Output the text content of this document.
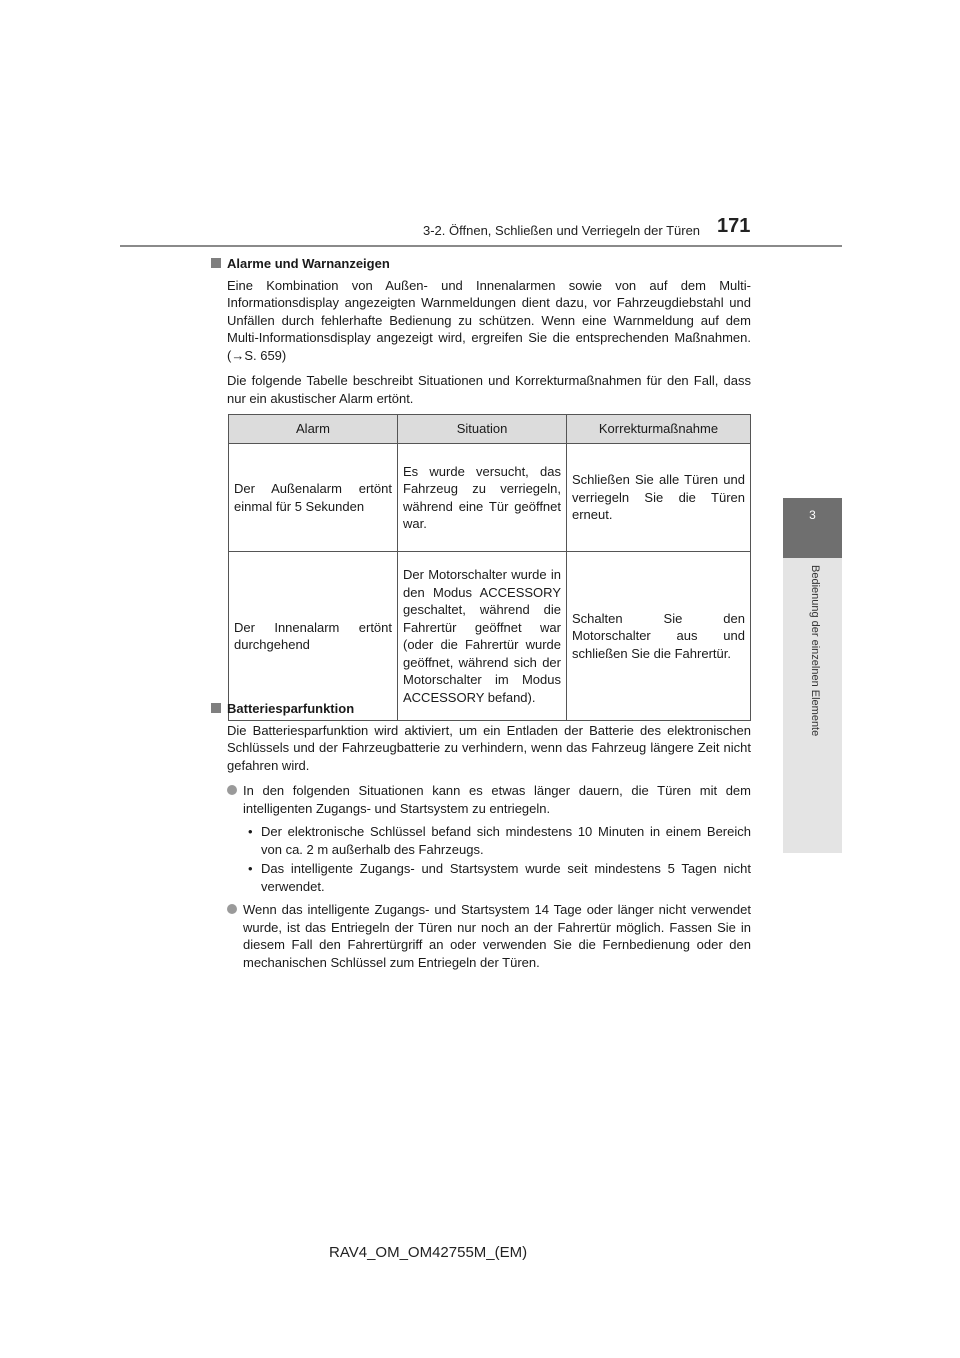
3-2. Öffnen, Schließen und Verriegeln der Türen 171
3
Bedienung der einzelnen Elemente
Alarme und Warnanzeigen
Eine Kombination von Außen- und Innenalarmen sowie von auf dem Multi-Informationsdisplay angezeigten Warnmeldungen dient dazu, vor Fahrzeugdiebstahl und Unfällen durch fehlerhafte Bedienung zu schützen. Wenn eine Warnmeldung auf dem Multi-Informationsdisplay angezeigt wird, ergreifen Sie die entsprechenden Maßnahmen. (→S. 659)
Die folgende Tabelle beschreibt Situationen und Korrekturmaßnahmen für den Fall, dass nur ein akustischer Alarm ertönt.
Alarm	Situation	Korrekturmaßnahme
Der Außenalarm ertönt einmal für 5 Sekunden	Es wurde versucht, das Fahrzeug zu verriegeln, während eine Tür geöffnet war.	Schließen Sie alle Türen und verriegeln Sie die Türen erneut.
Der Innenalarm ertönt durchgehend	Der Motorschalter wurde in den Modus ACCESSORY geschaltet, während die Fahrertür geöffnet war (oder die Fahrertür wurde geöffnet, während sich der Motorschalter im Modus ACCESSORY befand).	Schalten Sie den Motorschalter aus und schließen Sie die Fahrertür.
Batteriesparfunktion
Die Batteriesparfunktion wird aktiviert, um ein Entladen der Batterie des elektronischen Schlüssels und der Fahrzeugbatterie zu verhindern, wenn das Fahrzeug längere Zeit nicht gefahren wird.
In den folgenden Situationen kann es etwas länger dauern, die Türen mit dem intelligenten Zugangs- und Startsystem zu entriegeln.
• Der elektronische Schlüssel befand sich mindestens 10 Minuten in einem Bereich von ca. 2 m außerhalb des Fahrzeugs.
• Das intelligente Zugangs- und Startsystem wurde seit mindestens 5 Tagen nicht verwendet.
Wenn das intelligente Zugangs- und Startsystem 14 Tage oder länger nicht verwendet wurde, ist das Entriegeln der Türen nur noch an der Fahrertür möglich. Fassen Sie in diesem Fall den Fahrertürgriff an oder verwenden Sie die Fernbedienung oder den mechanischen Schlüssel zum Entriegeln der Türen.
RAV4_OM_OM42755M_(EM)
